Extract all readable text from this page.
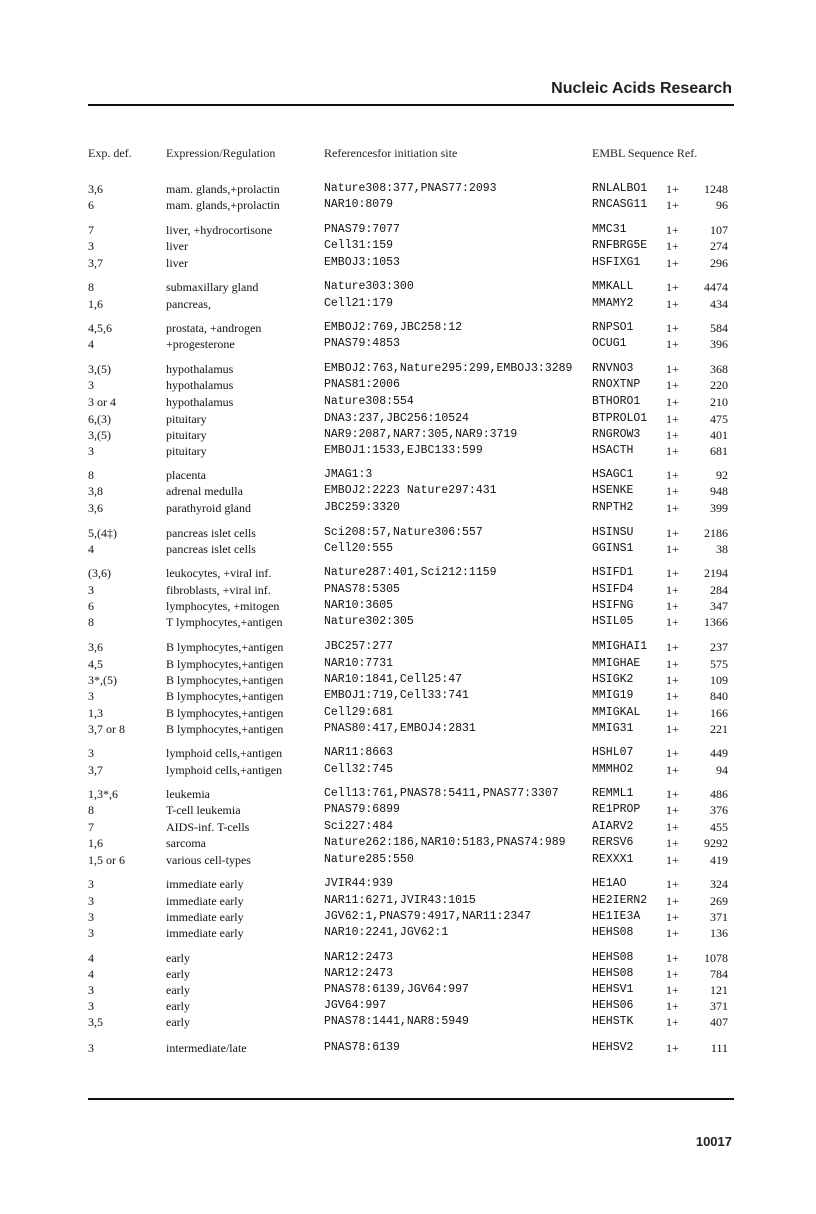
Nucleic Acids Research
Exp. def.	Expression/Regulation	Referencesfor initiation site	EMBL Sequence Ref.
3,6	mam. glands,+prolactin	Nature308:377,PNAS77:2093	RNLALBO1 1+ 1248
6	mam. glands,+prolactin	NAR10:8079	RNCASG11 1+	96
7	liver, +hydrocortisone	PNAS79:7077	MMC31	1+	107
3	liver	Cell31:159	RNFBRG5E 1+	274
3,7	liver	EMBOJ3:1053	HSFIXG1 1+	296
8	submaxillary gland	Nature303:300	MMKALL	1+ 4474
1,6	pancreas,	Cell21:179	MMAMY2	1+	434
4,5,6	prostata, +androgen	EMBOJ2:769,JBC258:12	RNPSO1	1+	584
4	+progesterone	PNAS79:4853	OCUG1	1+	396
3,(5)	hypothalamus	EMBOJ2:763,Nature295:299,EMBOJ3:3289 RNVNO3	1+	368
3	hypothalamus	PNAS81:2006	RNOXTNP 1+	220
3 or 4	hypothalamus	Nature308:554	BTHORO1 1+	210
6,(3)	pituitary	DNA3:237,JBC256:10524	BTPROLO1 1+	475
3,(5)	pituitary	NAR9:2087,NAR7:305,NAR9:3719	RNGROW3 1+	401
3	pituitary	EMBOJ1:1533,EJBC133:599	HSACTH	1+	681
8	placenta	JMAG1:3	HSAGC1	1+	92
3,8	adrenal medulla	EMBOJ2:2223 Nature297:431	HSENKE	1+	948
3,6	parathyroid gland	JBC259:3320	RNPTH2	1+	399
5,(4‡)	pancreas islet cells	Sci208:57,Nature306:557	HSINSU	1+ 2186
4	pancreas islet cells	Cell20:555	GGINS1	1+	38
(3,6)	leukocytes, +viral inf.	Nature287:401,Sci212:1159	HSIFD1	1+ 2194
3	fibroblasts, +viral inf.	PNAS78:5305	HSIFD4	1+	284
6	lymphocytes, +mitogen	NAR10:3605	HSIFNG	1+	347
8	T lymphocytes,+antigen	Nature302:305	HSIL05	1+ 1366
3,6	B lymphocytes,+antigen	JBC257:277	MMIGHAI1 1+	237
4,5	B lymphocytes,+antigen	NAR10:7731	MMIGHAE 1+	575
3*,(5)	B lymphocytes,+antigen	NAR10:1841,Cell25:47	HSIGK2	1+	109
3	B lymphocytes,+antigen	EMBOJ1:719,Cell33:741	MMIG19	1+	840
1,3	B lymphocytes,+antigen	Cell29:681	MMIGKAL 1+	166
3,7 or 8	B lymphocytes,+antigen	PNAS80:417,EMBOJ4:2831	MMIG31	1+	221
3	lymphoid cells,+antigen	NAR11:8663	HSHL07	1+	449
3,7	lymphoid cells,+antigen	Cell32:745	MMMHO2	1+	94
1,3*,6	leukemia	Cell13:761,PNAS78:5411,PNAS77:3307	REMML1	1+	486
8	T-cell leukemia	PNAS79:6899	RE1PROP 1+	376
7	AIDS-inf. T-cells	Sci227:484	AIARV2	1+	455
1,6	sarcoma	Nature262:186,NAR10:5183,PNAS74:989 RERSV6	1+ 9292
1,5 or 6	various cell-types	Nature285:550	REXXX1	1+	419
3	immediate early	JVIR44:939	HE1AO	1+	324
3	immediate early	NAR11:6271,JVIR43:1015	HE2IERN2 1+	269
3	immediate early	JGV62:1,PNAS79:4917,NAR11:2347	HE1IE3A 1+	371
3	immediate early	NAR10:2241,JGV62:1	HEHS08	1+	136
4	early	NAR12:2473	HEHS08	1+ 1078
4	early	NAR12:2473	HEHS08	1+	784
3	early	PNAS78:6139,JGV64:997	HEHSV1	1+	121
3	early	JGV64:997	HEHS06	1+	371
3,5	early	PNAS78:1441,NAR8:5949	HEHSTK	1+	407
3	intermediate/late	PNAS78:6139	HEHSV2	1+	111
10017
